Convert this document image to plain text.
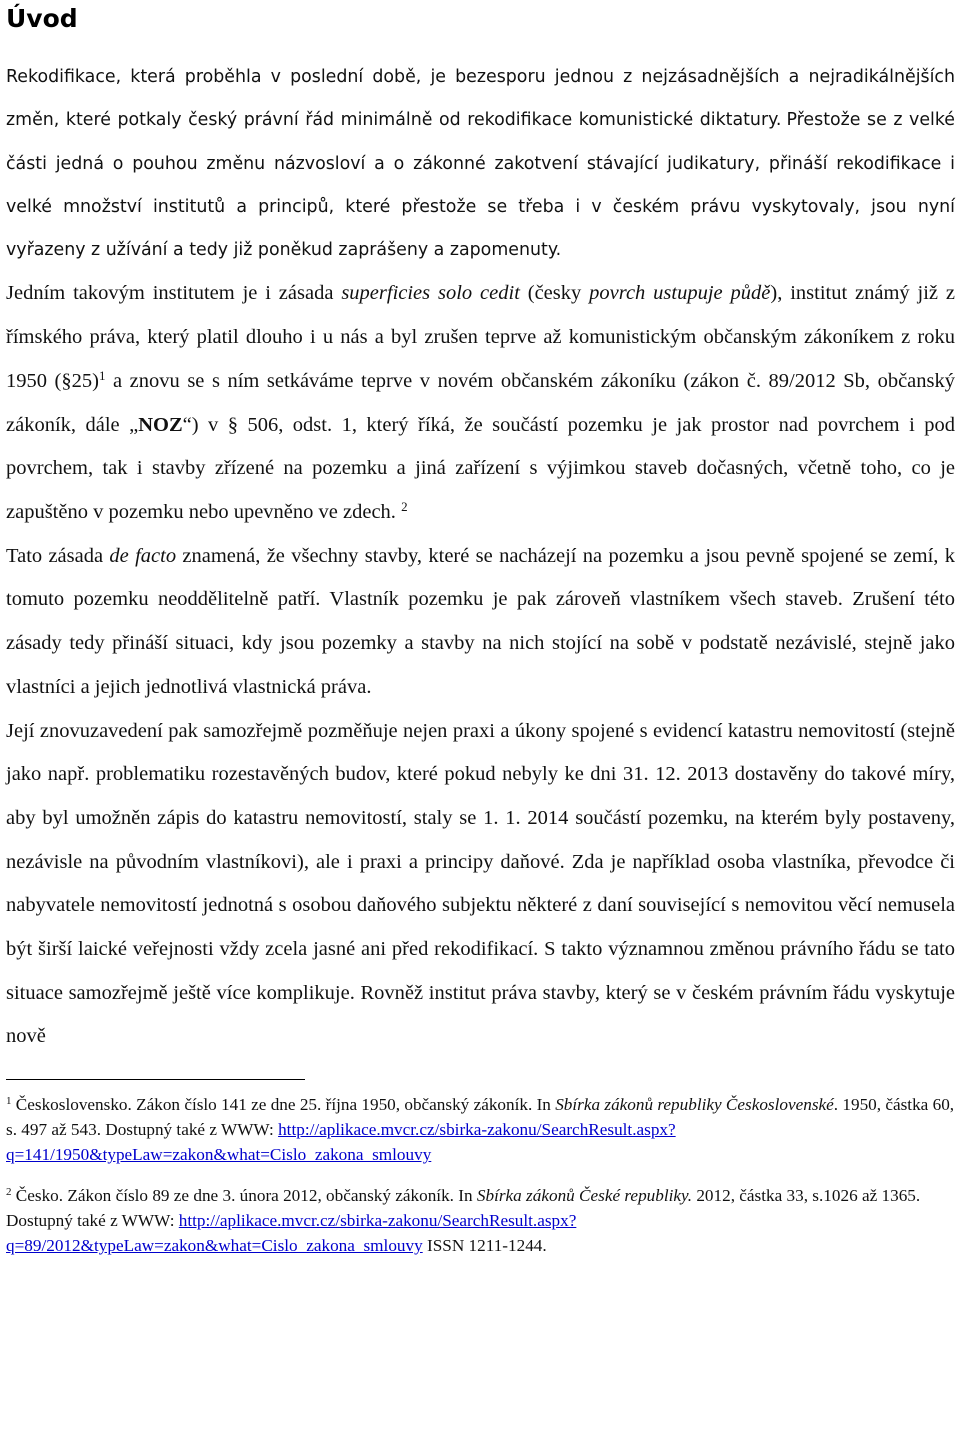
Úvod

Rekodifikace, která proběhla v poslední době, je bezesporu jednou z nejzásadnějších a nejradikálnějších změn, které potkaly český právní řád minimálně od rekodifikace komunistické diktatury. Přestože se z velké části jedná o pouhou změnu názvosloví a o zákonné zakotvení stávající judikatury, přináší rekodifikace i velké množství institutů a principů, které přestože se třeba i v českém právu vyskytovaly, jsou nyní vyřazeny z užívání a tedy již poněkud zaprášeny a zapomenuty.

Jedním takovým institutem je i zásada superficies solo cedit (česky povrch ustupuje půdě), institut známý již z římského práva, který platil dlouho i u nás a byl zrušen teprve až komunistickým občanským zákoníkem z roku 1950 (§25)$^1$ a znovu se s ním setkáváme teprve v novém občanském zákoníku (zákon č. 89/2012 Sb, občanský zákoník, dále „NOZ“) v § 506, odst. 1, který říká, že součástí pozemku je jak prostor nad povrchem i pod povrchem, tak i stavby zřízené na pozemku a jiná zařízení s výjimkou staveb dočasných, včetně toho, co je zapuštěno v pozemku nebo upevněno ve zdech. $^2$

Tato zásada de facto znamená, že všechny stavby, které se nacházejí na pozemku a jsou pevně spojené se zemí, k tomuto pozemku neoddělitelně patří. Vlastník pozemku je pak zároveň vlastníkem všech staveb. Zrušení této zásady tedy přináší situaci, kdy jsou pozemky a stavby na nich stojící na sobě v podstatě nezávislé, stejně jako vlastníci a jejich jednotlivá vlastnická práva.

Její znovuzavedení pak samozřejmě pozměňuje nejen praxi a úkony spojené s evidencí katastru nemovitostí (stejně jako např. problematiku rozestavěných budov, které pokud nebyly ke dni 31. 12. 2013 dostavěny do takové míry, aby byl umožněn zápis do katastru nemovitostí, staly se 1. 1. 2014 součástí pozemku, na kterém byly postaveny, nezávisle na původním vlastníkovi), ale i praxi a principy daňové. Zda je například osoba vlastníka, převodce či nabyvatele nemovitostí jednotná s osobou daňového subjektu některé z daní související s nemovitou věcí nemusela být širší laické veřejnosti vždy zcela jasné ani před rekodifikací. S takto významnou změnou právního řádu se tato situace samozřejmě ještě více komplikuje. Rovněž institut práva stavby, který se v českém právním řádu vyskytuje nově

$^1$ Československo. Zákon číslo 141 ze dne 25. října 1950, občanský zákoník. In Sbírka zákonů republiky Československé. 1950, částka 60, s. 497 až 543. Dostupný také z WWW: http://aplikace.mvcr.cz/sbirka-zakonu/SearchResult.aspx?q=141/1950&typeLaw=zakon&what=Cislo_zakona_smlouvy

$^2$ Česko. Zákon číslo 89 ze dne 3. února 2012, občanský zákoník. In Sbírka zákonů České republiky. 2012, částka 33, s.1026 až 1365. Dostupný také z WWW: http://aplikace.mvcr.cz/sbirka-zakonu/SearchResult.aspx?q=89/2012&typeLaw=zakon&what=Cislo_zakona_smlouvy ISSN 1211-1244.
